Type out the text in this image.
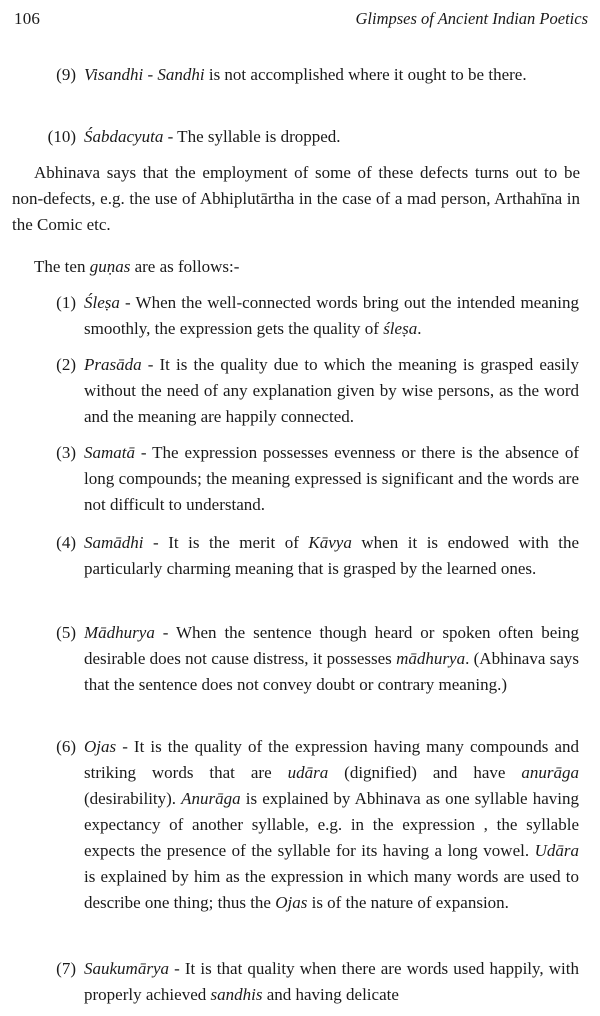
106	Glimpses of Ancient Indian Poetics
(9) Visandhi - Sandhi is not accomplished where it ought to be there.
(10) Śabdacyuta - The syllable is dropped.
Abhinava says that the employment of some of these defects turns out to be non-defects, e.g. the use of Abhiplutārtha in the case of a mad person, Arthahīna in the Comic etc.
The ten guṇas are as follows:-
(1) Śleṣa - When the well-connected words bring out the intended meaning smoothly, the expression gets the quality of śleṣa.
(2) Prasāda - It is the quality due to which the meaning is grasped easily without the need of any explanation given by wise persons, as the word and the meaning are happily connected.
(3) Samatā - The expression possesses evenness or there is the absence of long compounds; the meaning expressed is significant and the words are not difficult to understand.
(4) Samādhi - It is the merit of Kāvya when it is endowed with the particularly charming meaning that is grasped by the learned ones.
(5) Mādhurya - When the sentence though heard or spoken often being desirable does not cause distress, it possesses mādhurya. (Abhinava says that the sentence does not convey doubt or contrary meaning.)
(6) Ojas - It is the quality of the expression having many compounds and striking words that are udāra (dignified) and have anurāga (desirability). Anurāga is explained by Abhinava as one syllable having expectancy of another syllable, e.g. in the expression , the syllable expects the presence of the syllable for its having a long vowel. Udāra is explained by him as the expression in which many words are used to describe one thing; thus the Ojas is of the nature of expansion.
(7) Saukumārya - It is that quality when there are words used happily, with properly achieved sandhis and having delicate
